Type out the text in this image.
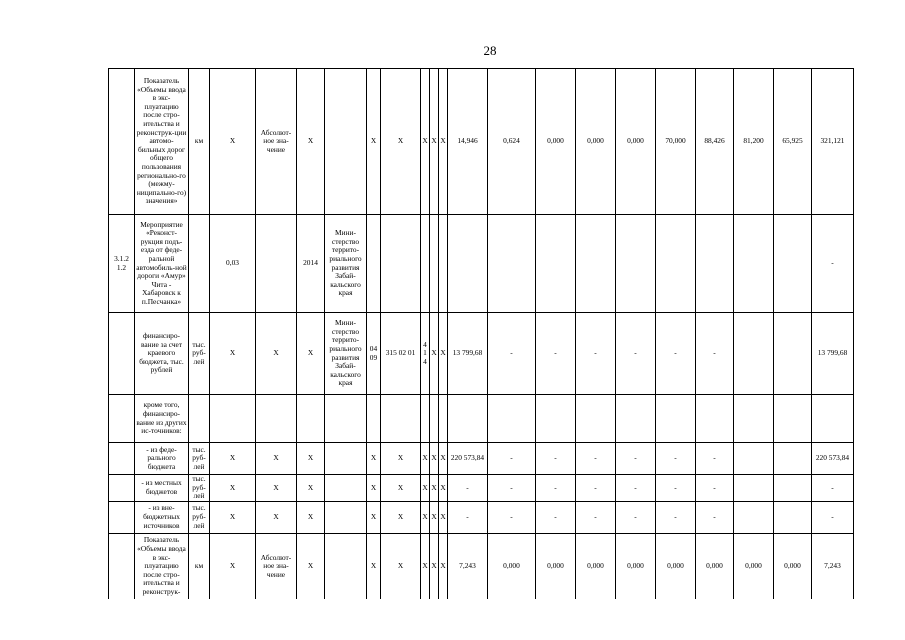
28
	Показатель «Объемы ввода в экс-плуатацию после стро-ительства и реконструк-ции автомо-бильных дорог общего пользования регионально-го (межму-ниципально-го) значения»	км	X	Абсолют-ное зна-чение	X		X	X	X	X	X	14,946	0,624	0,000	0,000	0,000	70,000	88,426	81,200	65,925	321,121
3.1.2 1.2	Мероприятие «Реконст-рукция подъ-езда от феде-ральной автомобиль-ной дороги «Амур» Чита - Хабаровск к п.Песчанка»		0,03		2014	Мини-стерство террито-риального развития Забай-кальского края															-
	финансиро-вание за счет краевого бюджета, тыс. рублей	тыс. руб-лей	X	X	X	Мини-стерство террито-риального развития Забай-кальского края	04 09	315 02 01	4 1 4	X	X	13 799,68	-	-	-	-	-	-			13 799,68
	кроме того, финансиро-вание из других ис-точников:																				
	- из феде-рального бюджета	тыс. руб-лей	X	X	X		X	X	X	X	X	220 573,84	-	-	-	-	-	-			220 573,84
	- из местных бюджетов	тыс. руб-лей	X	X	X		X	X	X	X	X	-	-	-	-	-	-	-			-
	- из вне-бюджетных источников	тыс. руб-лей	X	X	X		X	X	X	X	X	-	-	-	-	-	-	-			-
	Показатель «Объемы ввода в экс-плуатацию после стро-ительства и реконструк-	км	X	Абсолют-ное зна-чение	X		X	X	X	X	X	7,243	0,000	0,000	0,000	0,000	0,000	0,000	0,000	0,000	7,243
